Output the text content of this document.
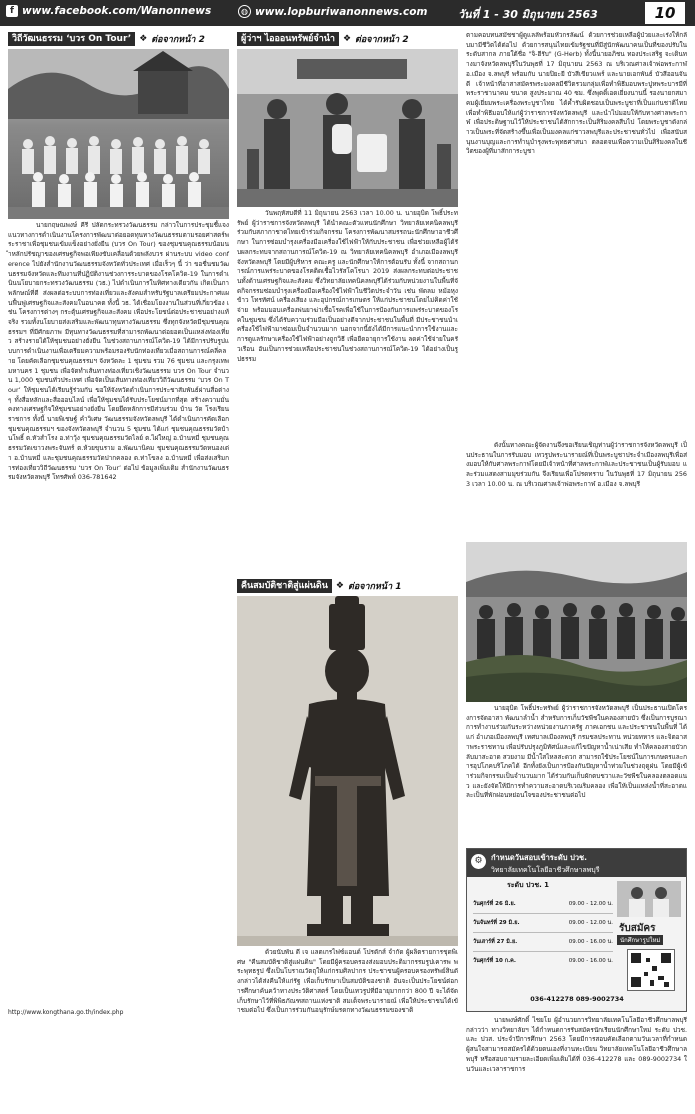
f www.facebook.com/Wanonnews	◍ www.lopburiwanonnews.com	วันที่ 1 - 30 มิถุนายน 2563	10
วิถีวัฒนธรรม ‘บวร On Tour’ ❖ ต่อจากหน้า 2
นายกฤษณพงษ์ คีรี ปลัดกระทรวงวัฒนธรรม กล่าวในการประชุมชี้แจงแนวทางการดำเนินงานโครงการพัฒนาต่อยอดทุนทางวัฒนธรรมตามรอยศาสตร์พระราชาเพื่อชุมชนเข้มแข็งอย่างยั่งยืน (บวร On Tour) ของชุมชนคุณธรรมน้อมนำหลักปรัชญาของเศรษฐกิจพอเพียงขับเคลื่อนด้วยพลังบวร ผ่านระบบ video conference ไปยังสำนักงานวัฒนธรรมจังหวัดทั่วประเทศ เมื่อเร็วๆ นี้ ว่า ขอชื่นชมวัฒนธรรมจังหวัดและทีมงานที่ปฏิบัติงานช่วงการระบาดของโรคโควิด-19 ในการดำเนินนโยบายกระทรวงวัฒนธรรม (วธ.) ไปดำเนินการในทิศทางเดียวกัน เกิดเป็นภาพลักษณ์ที่ดี ส่งผลต่อระบบการท่องเที่ยวและสังคมสำหรับรัฐบาลเตรียมประกาศแผนฟื้นฟูเศรษฐกิจและสังคมในอนาคต ทั้งนี้ วธ. ได้เชื่อมโยงงานในส่วนที่เกี่ยวข้อง เช่น โครงการต่างๆ กระตุ้นเศรษฐกิจและสังคม เพื่อประโยชน์ต่อประชาชนอย่างแท้จริง รวมทั้งนโยบายส่งเสริมและพัฒนาทุนทางวัฒนธรรม ซึ่งทุกจังหวัดมีชุมชนคุณธรรมฯ ที่มีศักยภาพ มีทุนทางวัฒนธรรมที่สามารถพัฒนาต่อยอดเป็นแหล่งท่องเที่ยว สร้างรายได้ให้ชุมชนอย่างยั่งยืน ในช่วงสถานการณ์โควิด-19 ได้มีการปรับรูปแบบการดำเนินงานเพื่อเตรียมความพร้อมรองรับนักท่องเที่ยวเมื่อสถานการณ์คลี่คลาย โดยคัดเลือกชุมชนคุณธรรมฯ จังหวัดละ 1 ชุมชน รวม 76 ชุมชน และกรุงเทพมหานคร 1 ชุมชน เพื่อจัดทำเส้นทางท่องเที่ยวเชิงวัฒนธรรม บวร On Tour จำนวน 1,000 ชุมชนทั่วประเทศ เพื่อจัดเป็นเส้นทางท่องเที่ยววิถีวัฒนธรรม ‘บวร On Tour’ ให้ชุมชนได้เรียนรู้ร่วมกัน ขอให้จังหวัดดำเนินการประชาสัมพันธ์ผ่านสื่อต่างๆ ทั้งสื่อหลักและสื่อออนไลน์ เพื่อให้ชุมชนได้รับประโยชน์มากที่สุด สร้างความมั่นคงทางเศรษฐกิจให้ชุมชนอย่างยั่งยืน โดยยึดหลักการมีส่วนร่วม บ้าน วัด โรงเรียน ราชการ ทั้งนี้ นายพิเชษฐ์ คำวิเศษ วัฒนธรรมจังหวัดลพบุรี ได้ดำเนินการคัดเลือกชุมชนคุณธรรมฯ ของจังหวัดลพบุรี จำนวน 5 ชุมชน ได้แก่ ชุมชนคุณธรรมวัดบ้านโพธิ์ ต.หัวสำโรง อ.ท่าวุ้ง ชุมชนคุณธรรมวัดไลย์ ต.ไผ่ใหญ่ อ.บ้านหมี่ ชุมชนคุณธรรมวัดเขาวงพระจันทร์ ต.ห้วยขุนราม อ.พัฒนานิคม ชุมชนคุณธรรมวัดหนองเต่า อ.บ้านหมี่ และชุมชนคุณธรรมวัดปากคลอง ต.ท่าโขลง อ.บ้านหมี่ เพื่อส่งเสริมการท่องเที่ยววิถีวัฒนธรรม ‘บวร On Tour’ ต่อไป ข้อมูลเพิ่มเติม สำนักงานวัฒนธรรมจังหวัดลพบุรี โทรศัพท์ 036-781642
http://www.kongthana.go.th/index.php
ผู้ว่าฯ ไอออนทรัพย์จำนำ ❖ ต่อจากหน้า 2
วันพฤหัสบดีที่ 11 มิถุนายน 2563 เวลา 10.00 น. นายอุบิด โพธิ์ประทรัพย์ ผู้ว่าราชการจังหวัดลพบุรี ได้นำคณะตัวแทนนักศึกษา วิทยาลัยเทคนิคลพบุรี ร่วมกับสภากาชาดไทยเข้าร่วมกิจกรรม โครงการพัฒนาสมรรถนะนักศึกษาอาชีวศึกษา ในการซ่อมบำรุงเครื่องมือเครื่องใช้ไฟฟ้าให้กับประชาชน เพื่อช่วยเหลือผู้ได้รับผลกระทบจากสถานการณ์โควิด-19 ณ วิทยาลัยเทคนิคลพบุรี อำเภอเมืองลพบุรี จังหวัดลพบุรี โดยมีผู้บริหาร คณะครู และนักศึกษาให้การต้อนรับ ทั้งนี้ จากสถานการณ์การแพร่ระบาดของโรคติดเชื้อไวรัสโคโรนา 2019 ส่งผลกระทบต่อประชาชนทั้งด้านเศรษฐกิจและสังคม ซึ่งวิทยาลัยเทคนิคลพบุรีได้ร่วมกับหน่วยงานในพื้นที่จัดกิจกรรมซ่อมบำรุงเครื่องมือเครื่องใช้ไฟฟ้าในชีวิตประจำวัน เช่น พัดลม หม้อหุงข้าว โทรทัศน์ เครื่องเสียง และอุปกรณ์การเกษตร ให้แก่ประชาชนโดยไม่คิดค่าใช้จ่าย พร้อมมอบเครื่องพ่นยาฆ่าเชื้อโรคเพื่อใช้ในการป้องกันการแพร่ระบาดของโรคในชุมชน ซึ่งได้รับความร่วมมือเป็นอย่างดีจากประชาชนในพื้นที่ มีประชาชนนำเครื่องใช้ไฟฟ้ามาซ่อมเป็นจำนวนมาก นอกจากนี้ยังได้มีการแนะนำการใช้งานและการดูแลรักษาเครื่องใช้ไฟฟ้าอย่างถูกวิธี เพื่อยืดอายุการใช้งาน ลดค่าใช้จ่ายในครัวเรือน อันเป็นการช่วยเหลือประชาชนในช่วงสถานการณ์โควิด-19 ได้อย่างเป็นรูปธรรม
คืนสมบัติชาติสู่แผ่นดิน ❖ ต่อจากหน้า 1
ด้วยนับพัน ดี เจ แลตเกรไฟซ์แอนด์ โปรดักส์ จำกัด ผู้ผลิตรายการชุดพิเศษ "คืนสมบัติชาติสู่แผ่นดิน" โดยมีผู้ครอบครองส่งมอบประติมากรรมรูปเคารพ พระพุทธรูป ซึ่งเป็นโบราณวัตถุให้แก่กรมศิลปากร ประชาชนผู้ครอบครองทรัพย์สินดังกล่าวได้ส่งคืนให้แก่รัฐ เพื่อเก็บรักษาเป็นสมบัติของชาติ อันจะเป็นประโยชน์ต่อการศึกษาค้นคว้าทางประวัติศาสตร์ โดยเป็นเทวรูปที่มีอายุมากกว่า 800 ปี จะได้จัดเก็บรักษาไว้ที่พิพิธภัณฑสถานแห่งชาติ สมเด็จพระนารายณ์ เพื่อให้ประชาชนได้เข้าชมต่อไป ซึ่งเป็นการร่วมกันอนุรักษ์มรดกทางวัฒนธรรมของชาติ
ตามคอบทนสมัชชาผู้ดูแลลัพร้อมหัวกรลัฒน์ ด้วยการช่วยเหลือผู้ป่วยและเร่งให้กลับมามีชีวิตได้ต่อไป ด้วยการสนุนไทยเข้มรัฐชนที่มีสู่นักพัฒนาคนเป็นที่ของปรับในระดับสากล ภายใต้ชื่อ "จิ-ฮีรับ" (G-Herb) ทั้งนี้นายอภิชน ทองประเสริฐ จะเดินทางมาจังหวัดลพบุรีในวันพุธที่ 17 มิถุนายน 2563 ณ บริเวณศาลเจ้าพ่อพระกาฬ อ.เมือง จ.ลพบุรี พร้อมกับ นายปิยะยี บัวสีเขียวแพร์ และนายเอกพันธ์ บัวสีออนจันดี เจ้าหน้าที่อาสาสมัครพระมงคลมีชีวิตรวมกลุ่มเพื่อทำพิธีมอบพระปูหพระบารมีที่พระราชานาคม ขนาด สูงประมาณ 40 ซม. ซึ่งพุดดิ์เอดเยี่ยงนานนี้ รองนายกสมาคมผู้เยี่ยมพระเครื่องพระบูชาไทย ได้ค้ำรับผิดชอบเป็นพระบูชาที่เป็นแก่นชาติไทย เพื่อทำพิธีมอบให้แก่ผู้ว่าราชการจังหวัดลพบุรี และนำไปมอบให้กับทางศาลพระกาฬ เพื่อประดิษฐานไว้ให้ประชาชนได้สักการะเป็นสิริมงคลสืบไป โดยพระบูชาดังกล่าวเป็นพระที่จัดสร้างขึ้นเพื่อเป็นมงคลแก่ชาวลพบุรีและประชาชนทั่วไป เพื่อสนับสนุนงานบุญและการทำนุบำรุงพระพุทธศาสนา ตลอดจนเพื่อความเป็นสิริมงคลในชีวิตของผู้ที่มาสักการะบูชา
ดังนั้นทางคณะผู้จัดงานจึงขอเรียนเชิญท่านผู้ว่าราชการจังหวัดลพบุรี เป็นประธานในการรับมอบ เทวรูปพระนารายณ์ที่เป็นพระบูชาประจำเมืองลพบุรีเพื่อส่งมอบให้กับศาลพระกาฬโดยมีเจ้าหน้าที่ศาลพระกาฬและประชาชนเป็นผู้รับมอบ และร่วมแสดงสามมุขร่วมกัน จึงเรียนเพื่อโปรดทราบ ในวันพุธที่ 17 มิถุนายน 2563 เวลา 10.00 น. ณ บริเวณศาลเจ้าพ่อพระกาฬ อ.เมือง จ.ลพบุรี
นายอุบิด โพธิ์ประทรัพย์ ผู้ว่าราชการจังหวัดลพบุรี เป็นประธานเปิดโครงการจัดอาสา พัฒนาลำน้ำ สำหรับการเก็บวัชพืชในคลองสายบัว ซึ่งเป็นการบูรณาการทำงานร่วมกันระหว่างหน่วยงานภาครัฐ ภาคเอกชน และประชาชนในพื้นที่ ได้แก่ อำเภอเมืองลพบุรี เทศบาลเมืองลพบุรี กรมชลประทาน หน่วยทหาร และจิตอาสาพระราชทาน เพื่อปรับปรุงภูมิทัศน์และแก้ไขปัญหาน้ำเน่าเสีย ทำให้คลองสายบัวกลับมาสะอาด สวยงาม มีน้ำใสไหลสะดวก สามารถใช้ประโยชน์ในการเกษตรและการอุปโภคบริโภคได้ อีกทั้งยังเป็นการป้องกันปัญหาน้ำท่วมในช่วงฤดูฝน โดยมีผู้เข้าร่วมกิจกรรมเป็นจำนวนมาก ได้ร่วมกันเก็บผักตบชวาและวัชพืชในคลองตลอดแนว และยังจัดให้มีการทำความสะอาดบริเวณริมคลอง เพื่อให้เป็นแหล่งน้ำที่สะอาดและเป็นที่พักผ่อนหย่อนใจของประชาชนต่อไป
กำหนดวันสอบเข้าระดับ ปวช.
วิทยาลัยเทคโนโลยีอาชีวศึกษาลพบุรี
⚙
ระดับ ปวช. 1
วันศุกร์ที่ 26 มิ.ย.	09.00 - 12.00 น.
วันจันทร์ที่ 29 มิ.ย.	09.00 - 12.00 น.
วันเสาร์ที่ 27 มิ.ย.	09.00 - 16.00 น.
วันศุกร์ที่ 10 ก.ค.	09.00 - 16.00 น.
รับสมัคร
นักศึกษารูปใหม่
036-412278 089-9002734
นายพงษ์ศักดิ์ ไชยโย ผู้อำนวยการวิทยาลัยเทคโนโลยีอาชีวศึกษาลพบุรี กล่าวว่า ทางวิทยาลัยฯ ได้กำหนดการรับสมัครนักเรียนนักศึกษาใหม่ ระดับ ปวช. และ ปวส. ประจำปีการศึกษา 2563 โดยมีการสอบคัดเลือกตามวันเวลาที่กำหนด ผู้สนใจสามารถสมัครได้ด้วยตนเองที่งานทะเบียน วิทยาลัยเทคโนโลยีอาชีวศึกษาลพบุรี หรือสอบถามรายละเอียดเพิ่มเติมได้ที่ 036-412278 และ 089-9002734 ในวันและเวลาราชการ
